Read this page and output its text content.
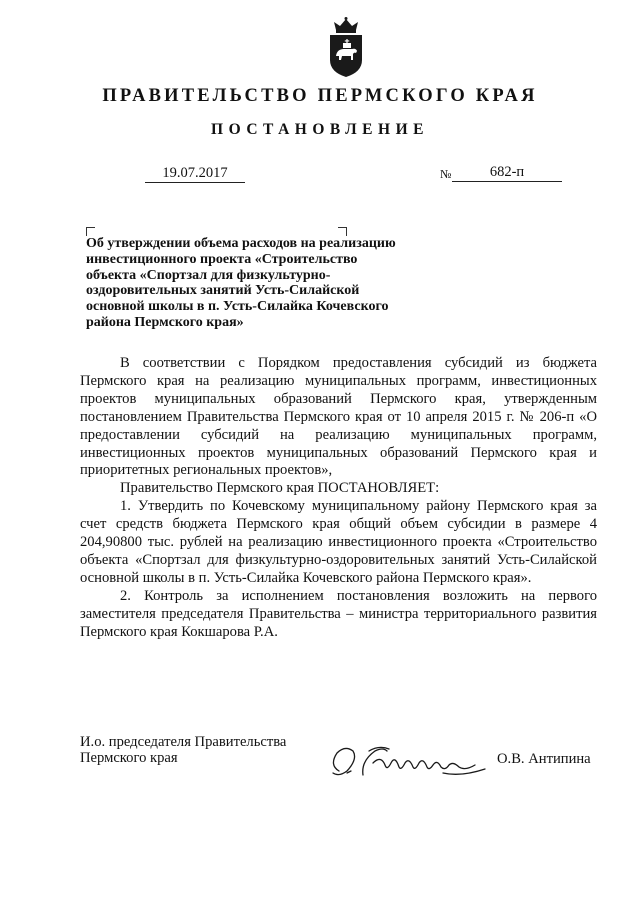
ПРАВИТЕЛЬСТВО ПЕРМСКОГО КРАЯ
ПОСТАНОВЛЕНИЕ
19.07.2017	№	682-п
Об утверждении объема расходов на реализацию
инвестиционного проекта «Строительство
объекта «Спортзал для физкультурно-
оздоровительных занятий Усть-Силайской
основной школы в п. Усть-Силайка Кочевского
района Пермского края»

В соответствии с Порядком предоставления субсидий из бюджета Пермского края на реализацию муниципальных программ, инвестиционных проектов муниципальных образований Пермского края, утвержденным постановлением Правительства Пермского края от 10 апреля 2015 г. № 206-п «О предоставлении субсидий на реализацию муниципальных программ, инвестиционных проектов муниципальных образований Пермского края и приоритетных региональных проектов»,

Правительство Пермского края ПОСТАНОВЛЯЕТ:

1. Утвердить по Кочевскому муниципальному району Пермского края за счет средств бюджета Пермского края общий объем субсидии в размере 4 204,90800 тыс. рублей на реализацию инвестиционного проекта «Строительство объекта «Спортзал для физкультурно-оздоровительных занятий Усть-Силайской основной школы в п. Усть-Силайка Кочевского района Пермского края».

2. Контроль за исполнением постановления возложить на первого заместителя председателя Правительства – министра территориального развития Пермского края Кокшарова Р.А.

И.о. председателя Правительства
Пермского края	О.В. Антипина
